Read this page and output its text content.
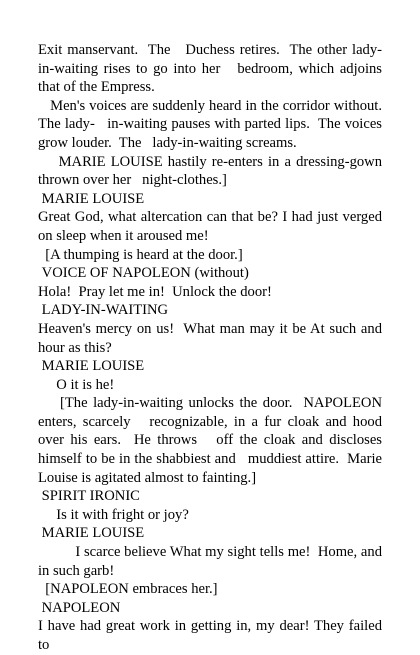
Exit manservant.  The   Duchess retires.  The other lady-in-waiting rises to go into her   bedroom, which adjoins that of the Empress.

Men's voices are suddenly heard in the corridor without.  The lady-   in-waiting pauses with parted lips.  The voices grow louder.  The   lady-in-waiting screams.

MARIE LOUISE hastily re-enters in a dressing-gown thrown over her   night-clothes.]

MARIE LOUISE

Great God, what altercation can that be? I had just verged on sleep when it aroused me!

[A thumping is heard at the door.]

VOICE OF NAPOLEON (without)

Hola!  Pray let me in!  Unlock the door!

LADY-IN-WAITING

Heaven's mercy on us!  What man may it be At such and hour as this?

MARIE LOUISE

O it is he!

[The lady-in-waiting unlocks the door.  NAPOLEON enters, scarcely   recognizable, in a fur cloak and hood over his ears.  He throws   off the cloak and discloses himself to be in the shabbiest and   muddiest attire.  Marie Louise is agitated almost to fainting.]

SPIRIT IRONIC

Is it with fright or joy?

MARIE LOUISE

I scarce believe What my sight tells me!  Home, and in such garb!

[NAPOLEON embraces her.]

NAPOLEON

I have had great work in getting in, my dear! They failed to
